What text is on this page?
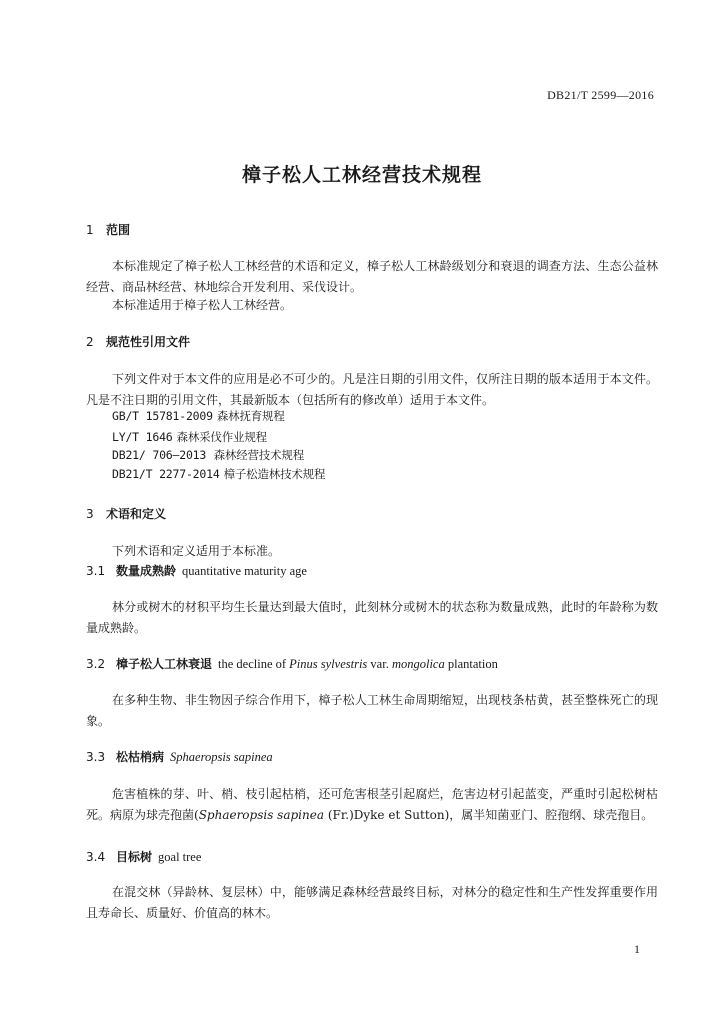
DB21/T 2599—2016
樟子松人工林经营技术规程
1 范围
本标准规定了樟子松人工林经营的术语和定义，樟子松人工林龄级划分和衰退的调查方法、生态公益林经营、商品林经营、林地综合开发利用、采伐设计。
本标准适用于樟子松人工林经营。
2 规范性引用文件
下列文件对于本文件的应用是必不可少的。凡是注日期的引用文件，仅所注日期的版本适用于本文件。凡是不注日期的引用文件，其最新版本（包括所有的修改单）适用于本文件。
GB/T 15781-2009 森林抚育规程
LY/T 1646 森林采伐作业规程
DB21/ 706—2013 森林经营技术规程
DB21/T 2277-2014 樟子松造林技术规程
3 术语和定义
下列术语和定义适用于本标准。
3.1 数量成熟龄 quantitative maturity age
林分或树木的材积平均生长量达到最大值时，此刻林分或树木的状态称为数量成熟，此时的年龄称为数量成熟龄。
3.2 樟子松人工林衰退 the decline of Pinus sylvestris var. mongolica plantation
在多种生物、非生物因子综合作用下，樟子松人工林生命周期缩短，出现枝条枯黄，甚至整株死亡的现象。
3.3 松枯梢病 Sphaeropsis sapinea
危害植株的芽、叶、梢、枝引起枯梢，还可危害根茎引起腐烂，危害边材引起蓝变，严重时引起松树枯死。病原为球壳孢菌(Sphaeropsis sapinea (Fr.)Dyke et Sutton)，属半知菌亚门、腔孢纲、球壳孢目。
3.4 目标树 goal tree
在混交林（异龄林、复层林）中，能够满足森林经营最终目标，对林分的稳定性和生产性发挥重要作用且寿命长、质量好、价值高的林木。
1
